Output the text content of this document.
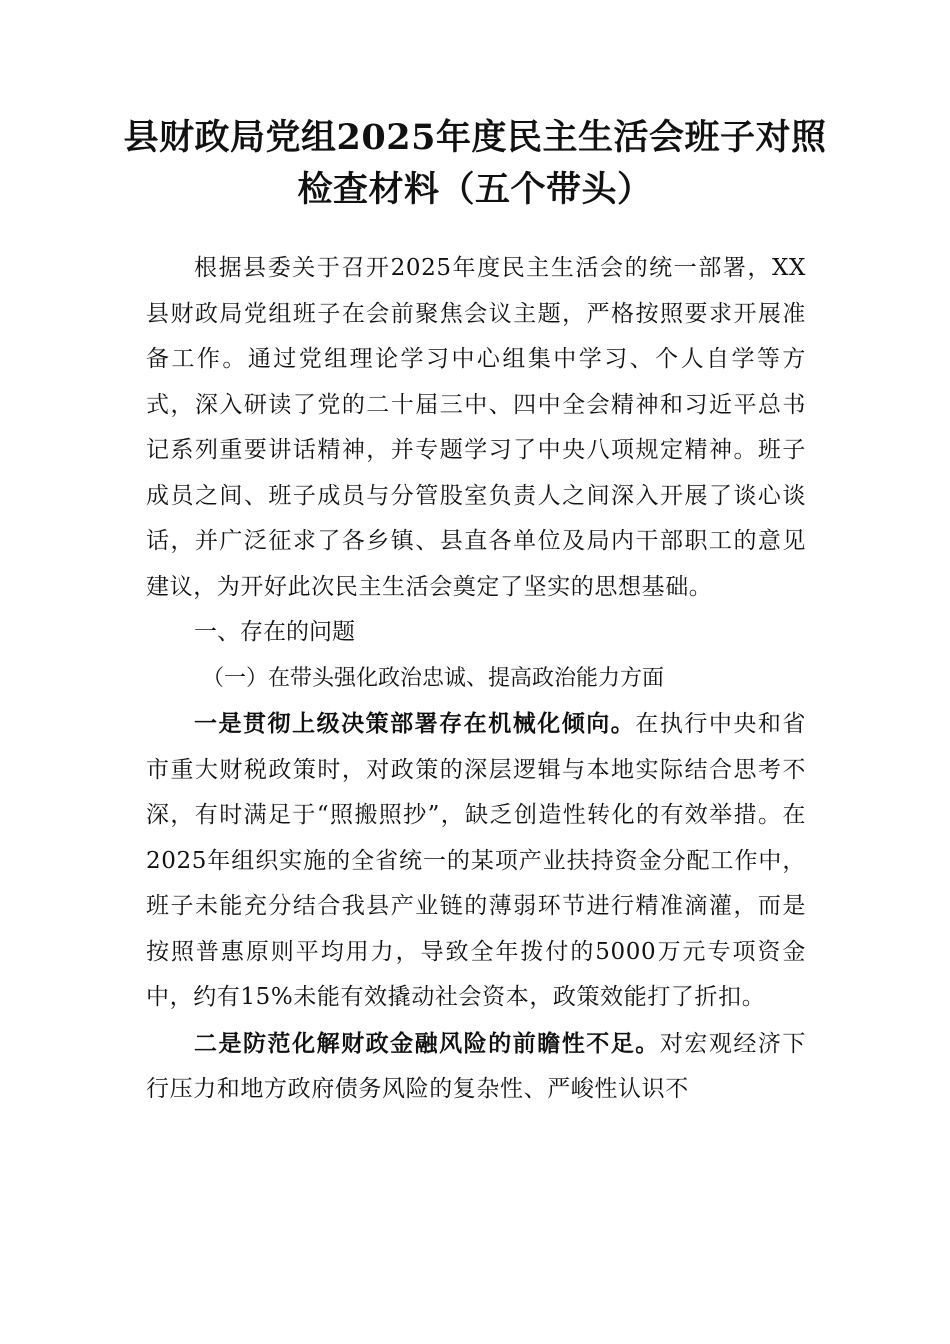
县财政局党组2025年度民主生活会班子对照检查材料（五个带头）

根据县委关于召开2025年度民主生活会的统一部署，XX县财政局党组班子在会前聚焦会议主题，严格按照要求开展准备工作。通过党组理论学习中心组集中学习、个人自学等方式，深入研读了党的二十届三中、四中全会精神和习近平总书记系列重要讲话精神，并专题学习了中央八项规定精神。班子成员之间、班子成员与分管股室负责人之间深入开展了谈心谈话，并广泛征求了各乡镇、县直各单位及局内干部职工的意见建议，为开好此次民主生活会奠定了坚实的思想基础。

一、存在的问题

（一）在带头强化政治忠诚、提高政治能力方面

一是贯彻上级决策部署存在机械化倾向。在执行中央和省市重大财税政策时，对政策的深层逻辑与本地实际结合思考不深，有时满足于“照搬照抄”，缺乏创造性转化的有效举措。在2025年组织实施的全省统一的某项产业扶持资金分配工作中，班子未能充分结合我县产业链的薄弱环节进行精准滴灌，而是按照普惠原则平均用力，导致全年拨付的5000万元专项资金中，约有15%未能有效撬动社会资本，政策效能打了折扣。

二是防范化解财政金融风险的前瞻性不足。对宏观经济下行压力和地方政府债务风险的复杂性、严峻性认识不
